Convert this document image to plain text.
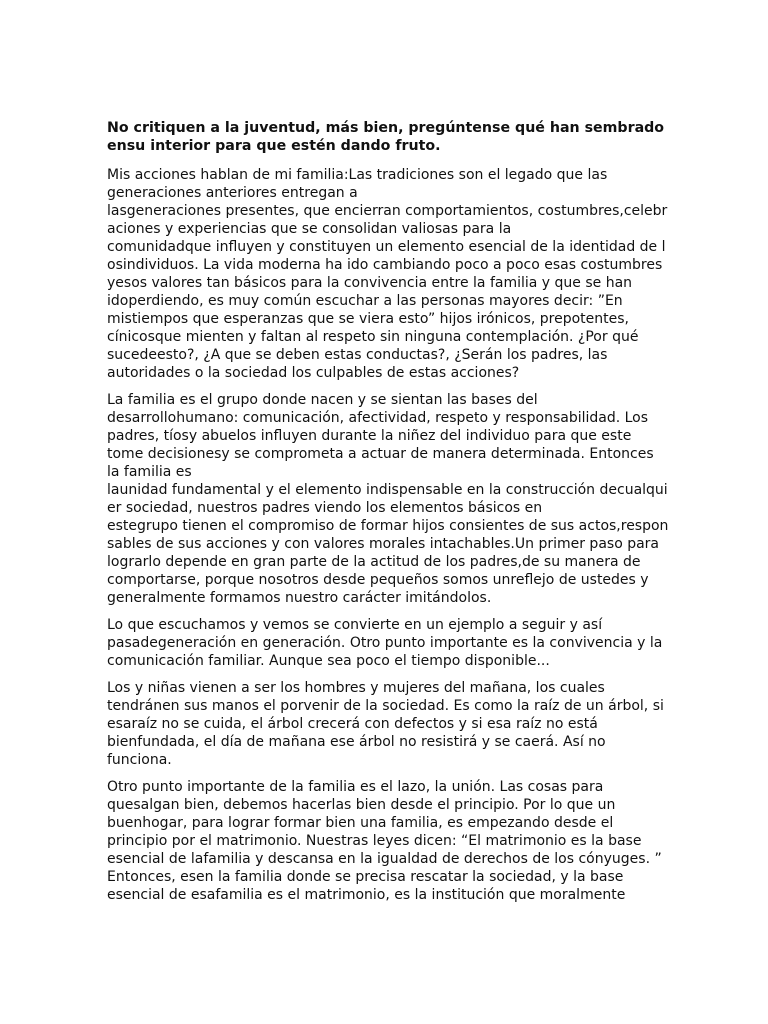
No critiquen a la juventud, más bien, pregúntense qué han sembrado
ensu interior para que estén dando fruto.
Mis acciones hablan de mi familia:Las tradiciones son el legado que las
generaciones anteriores entregan a
lasgeneraciones presentes, que encierran comportamientos, costumbres,celebr
aciones y experiencias que se consolidan valiosas para la
comunidadque influyen y constituyen un elemento esencial de la identidad de l
osindividuos. La vida moderna ha ido cambiando poco a poco esas costumbres
yesos valores tan básicos para la convivencia entre la familia y que se han
idoperdiendo, es muy común escuchar a las personas mayores decir: ”En
mistiempos que esperanzas que se viera esto” hijos irónicos, prepotentes,
cínicosque mienten y faltan al respeto sin ninguna contemplación. ¿Por qué
sucedeesto?, ¿A que se deben estas conductas?, ¿Serán los padres, las
autoridades o la sociedad los culpables de estas acciones?
La familia es el grupo donde nacen y se sientan las bases del
desarrollohumano: comunicación, afectividad, respeto y responsabilidad. Los
padres, tíosy abuelos influyen durante la niñez del individuo para que este
tome decisionesy se comprometa a actuar de manera determinada. Entonces
la familia es
launidad fundamental y el elemento indispensable en la construcción decualqui
er sociedad, nuestros padres viendo los elementos básicos en
estegrupo tienen el compromiso de formar hijos consientes de sus actos,respon
sables de sus acciones y con valores morales intachables.Un primer paso para
lograrlo depende en gran parte de la actitud de los padres,de su manera de
comportarse, porque nosotros desde pequeños somos unreflejo de ustedes y
generalmente formamos nuestro carácter imitándolos.
Lo que escuchamos y vemos se convierte en un ejemplo a seguir y así
pasadegeneración en generación. Otro punto importante es la convivencia y la
comunicación familiar. Aunque sea poco el tiempo disponible...
Los y niñas vienen a ser los hombres y mujeres del mañana, los cuales
tendránen sus manos el porvenir de la sociedad. Es como la raíz de un árbol, si
esaraíz no se cuida, el árbol crecerá con defectos y si esa raíz no está
bienfundada, el día de mañana ese árbol no resistirá y se caerá. Así no
funciona.
Otro punto importante de la familia es el lazo, la unión. Las cosas para
quesalgan bien, debemos hacerlas bien desde el principio. Por lo que un
buenhogar, para lograr formar bien una familia, es empezando desde el
principio por el matrimonio. Nuestras leyes dicen: “El matrimonio es la base
esencial de lafamilia y descansa en la igualdad de derechos de los cónyuges. ”
Entonces, esen la familia donde se precisa rescatar la sociedad, y la base
esencial de esafamilia es el matrimonio, es la institución que moralmente
